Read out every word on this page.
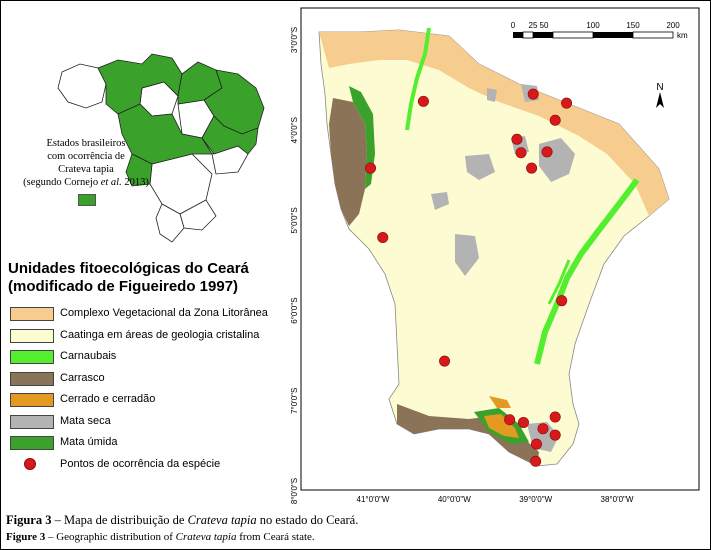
Estados brasileiros
com ocorrência de
Crateva tapia
(segundo Cornejo et al. 2013)
Unidades fitoecológicas do Ceará
(modificado de Figueiredo 1997)
Complexo Vegetacional da Zona Litorânea
Caatinga em áreas de geologia cristalina
Carnaubais
Carrasco
Cerrado e cerradão
Mata seca
Mata úmida
Pontos de ocorrência da espécie
0 25 50	100	150	200
km
N
41°0'0"W	40°0'0"W	39°0'0"W	38°0'0"W
3°0'0"S
4°0'0"S
5°0'0"S
6°0'0"S
7°0'0"S
8°0'0"S
Figura 3 – Mapa de distribuição de Crateva tapia no estado do Ceará.
Figure 3 – Geographic distribution of Crateva tapia from Ceará state.
